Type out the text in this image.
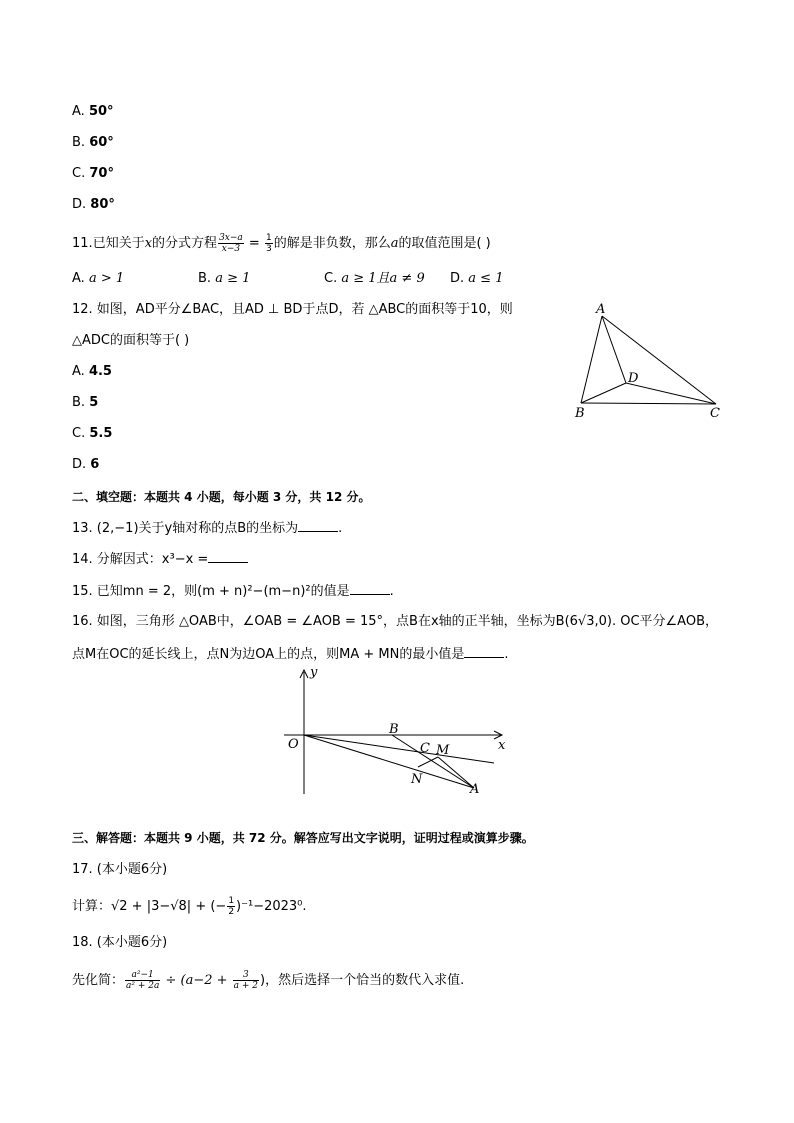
A. 50°
B. 60°
C. 70°
D. 80°
11.已知关于x的分式方程 $\frac{3x-a}{x-3} = \frac{1}{3}$ 的解是非负数，那么a的取值范围是( )
A. a > 1	B. a ≥ 1	C. a ≥ 1且a ≠ 9 D. a ≤ 1
12. 如图，AD平分∠BAC，且AD ⊥ BD于点D，若 △ABC的面积等于10，则
△ADC的面积等于( )
A. 4.5
B. 5
C. 5.5
D. 6
A
B	C
D
二、填空题：本题共 4 小题，每小题 3 分，共 12 分。
13. (2,−1)关于y轴对称的点B的坐标为	.
14. 分解因式：x³−x =
15. 已知mn = 2，则(m + n)²−(m−n)²的值是	.
16. 如图，三角形 △OAB中，∠OAB = ∠AOB = 15°，点B在x轴的正半轴，坐标为B(6√3,0). OC平分∠AOB，
点M在OC的延长线上，点N为边OA上的点，则MA + MN的最小值是	.
O	x
y
B
C M
N
A
三、解答题：本题共 9 小题，共 72 分。解答应写出文字说明，证明过程或演算步骤。
17. (本小题6分)
计算：√2 + |3−√8| + (− $\frac{1}{2} )^{-1}-2023^0$.
18. (本小题6分)
先化简： $\frac{\text{a²−1}}{\text{a² + 2a}} \div (a-2 + \frac{3}{a + 2}$ )，然后选择一个恰当的数代入求值.
